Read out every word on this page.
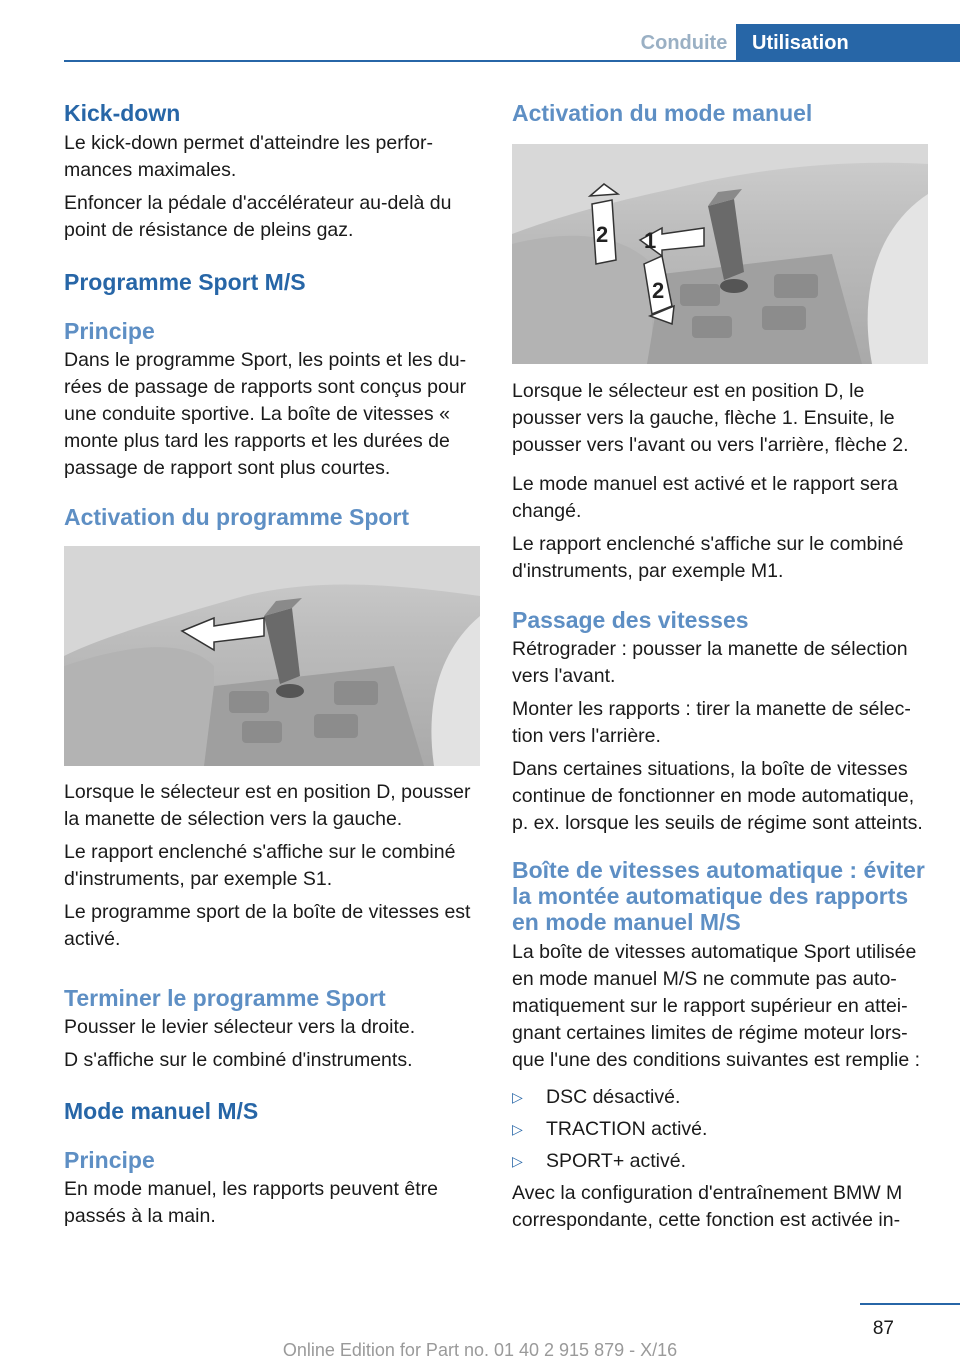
Conduite	Utilisation
Kick-down

Le kick-down permet d'atteindre les performances maximales.

Enfoncer la pédale d'accélérateur au-delà du point de résistance de pleins gaz.

Programme Sport M/S
Principe

Dans le programme Sport, les points et les durées de passage de rapports sont conçus pour une conduite sportive. La boîte de vitesses « monte plus tard les rapports et les durées de passage de rapport sont plus courtes.

Activation du programme Sport

Lorsque le sélecteur est en position D, pousser la manette de sélection vers la gauche.

Le rapport enclenché s'affiche sur le combiné d'instruments, par exemple S1.

Le programme sport de la boîte de vitesses est activé.

Terminer le programme Sport

Pousser le levier sélecteur vers la droite.

D s'affiche sur le combiné d'instruments.

Mode manuel M/S
Principe

En mode manuel, les rapports peuvent être passés à la main.

Activation du mode manuel
2 1
2

Lorsque le sélecteur est en position D, le pousser vers la gauche, flèche 1. Ensuite, le pousser vers l'avant ou vers l'arrière, flèche 2.

Le mode manuel est activé et le rapport sera changé.

Le rapport enclenché s'affiche sur le combiné d'instruments, par exemple M1.

Passage des vitesses

Rétrograder : pousser la manette de sélection vers l'avant.

Monter les rapports : tirer la manette de sélection vers l'arrière.

Dans certaines situations, la boîte de vitesses continue de fonctionner en mode automatique, p. ex. lorsque les seuils de régime sont atteints.

Boîte de vitesses automatique : éviter la montée automatique des rapports en mode manuel M/S

La boîte de vitesses automatique Sport utilisée en mode manuel M/S ne commute pas automatiquement sur le rapport supérieur en atteignant certaines limites de régime moteur lorsque l'une des conditions suivantes est remplie :

▷	DSC désactivé.
▷	TRACTION activé.
▷	SPORT+ activé.

Avec la configuration d'entraînement BMW M correspondante, cette fonction est activée in-

87
Online Edition for Part no. 01 40 2 915 879 - X/16
